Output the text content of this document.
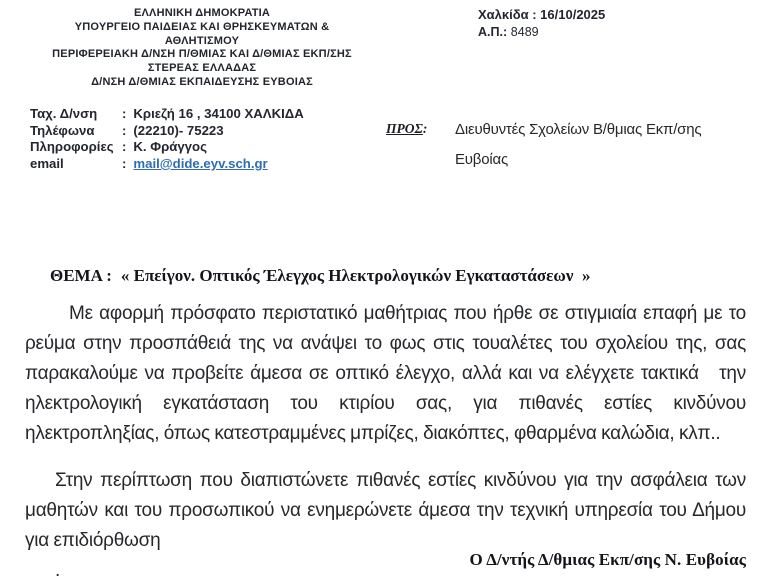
ΕΛΛΗΝΙΚΗ ΔΗΜΟΚΡΑΤΙΑ
ΥΠΟΥΡΓΕΙΟ ΠΑΙΔΕΙΑΣ ΚΑΙ ΘΡΗΣΚΕΥΜΑΤΩΝ &
ΑΘΛΗΤΙΣΜΟΥ
ΠΕΡΙΦΕΡΕΙΑΚΗ Δ/ΝΣΗ Π/ΘΜΙΑΣ ΚΑΙ Δ/ΘΜΙΑΣ ΕΚΠ/ΣΗΣ
ΣΤΕΡΕΑΣ ΕΛΛΑΔΑΣ
Δ/ΝΣΗ Δ/ΘΜΙΑΣ ΕΚΠΑΙΔΕΥΣΗΣ ΕΥΒΟΙΑΣ
Χαλκίδα : 16/10/2025
Α.Π.: 8489
Ταχ. Δ/νση	: Κριεζή 16 , 34100 ΧΑΛΚΙΔΑ
Τηλέφωνα	: (22210)- 75223
Πληροφορίες : Κ. Φράγγος
email	: mail@dide.eyv.sch.gr
ΠΡΟΣ: Διευθυντές Σχολείων Β/θμιας Εκπ/σης
Ευβοίας

ΘΕΜΑ : « Επείγον. Οπτικός Έλεγχος Ηλεκτρολογικών Εγκαταστάσεων  »

Με αφορμή πρόσφατο περιστατικό μαθήτριας που ήρθε σε στιγμιαία επαφή με το ρεύμα στην προσπάθειά της να ανάψει το φως στις τουαλέτες του σχολείου της, σας παρακαλούμε να προβείτε άμεσα σε οπτικό έλεγχο, αλλά και να ελέγχετε τακτικά   την ηλεκτρολογική εγκατάσταση του κτιρίου σας, για πιθανές εστίες κινδύνου ηλεκτροπληξίας, όπως κατεστραμμένες μπρίζες, διακόπτες, φθαρμένα καλώδια, κλπ..
Στην περίπτωση που διαπιστώνετε πιθανές εστίες κινδύνου για την ασφάλεια των μαθητών και του προσωπικού να ενημερώνετε άμεσα την τεχνική υπηρεσία του Δήμου για επιδιόρθωση
.
Ο Δ/ντής Δ/θμιας Εκπ/σης Ν. Ευβοίας
